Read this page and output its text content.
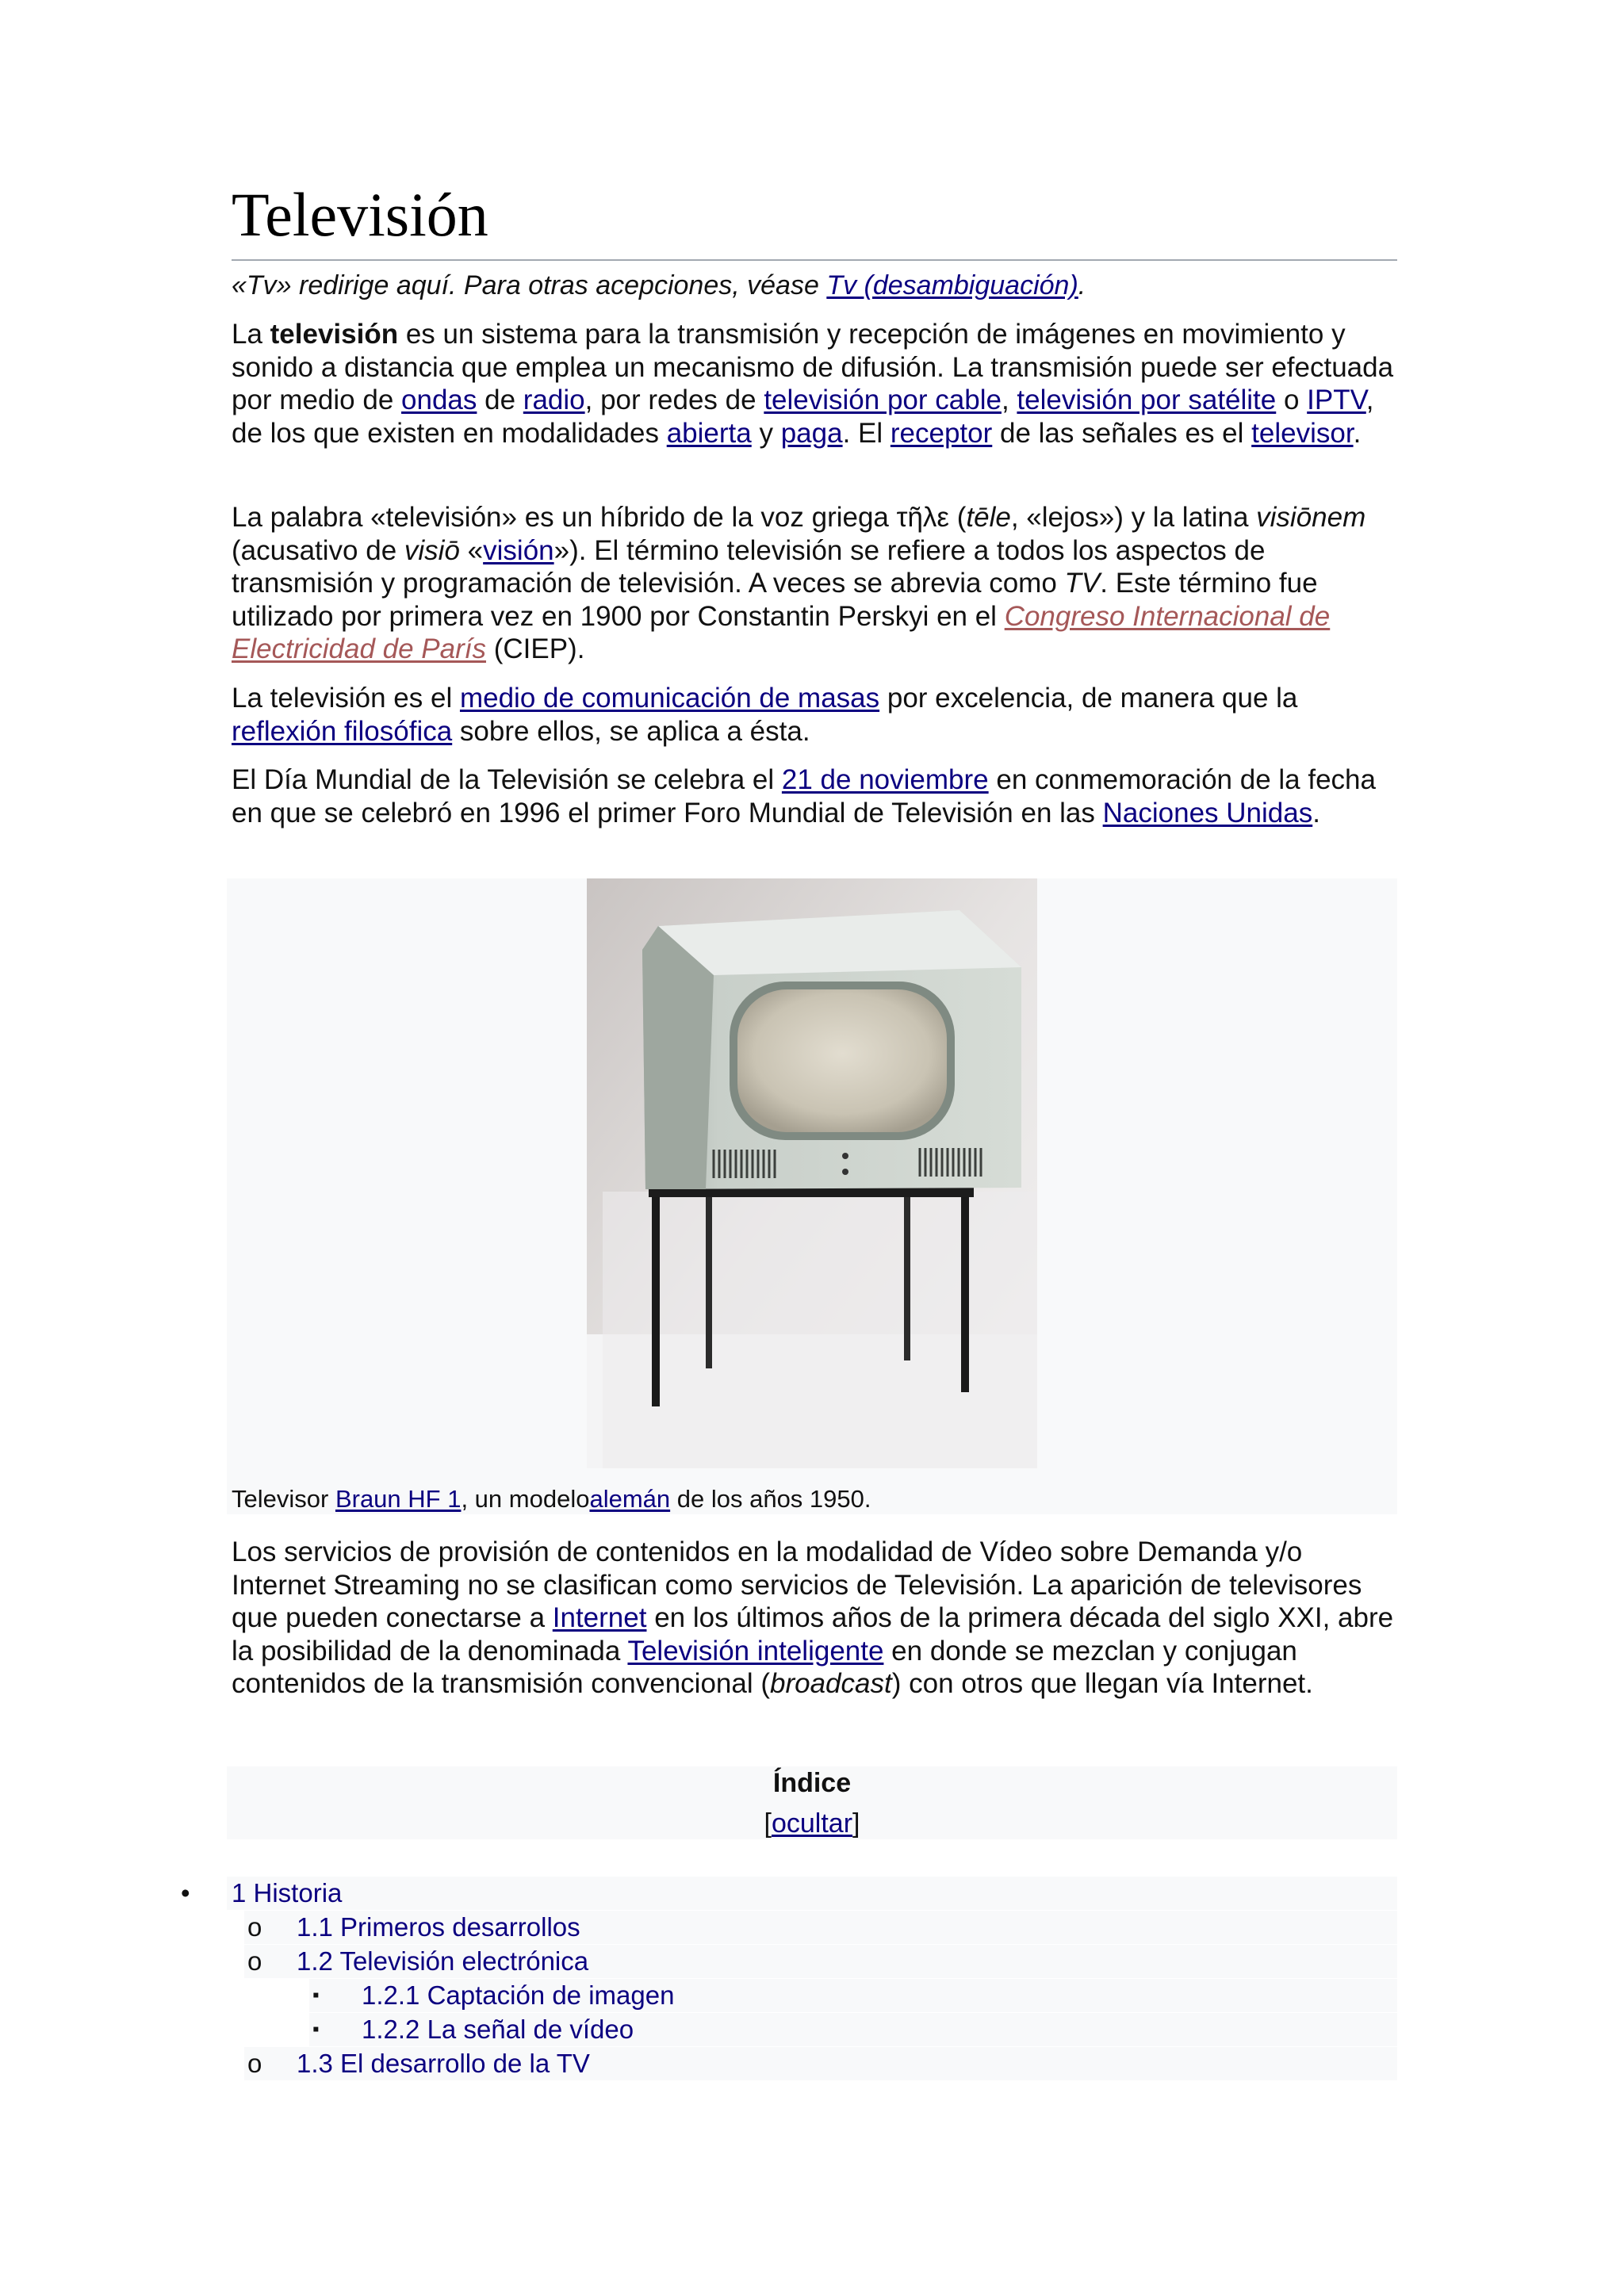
Televisión

«Tv» redirige aquí. Para otras acepciones, véase Tv (desambiguación).

La televisión es un sistema para la transmisión y recepción de imágenes en movimiento y sonido a distancia que emplea un mecanismo de difusión. La transmisión puede ser efectuada por medio de ondas de radio, por redes de televisión por cable, televisión por satélite o IPTV, de los que existen en modalidades abierta y paga. El receptor de las señales es el televisor.

La palabra «televisión» es un híbrido de la voz griega τῆλε (tēle, «lejos») y la latina visiōnem (acusativo de visiō «visión»). El término televisión se refiere a todos los aspectos de transmisión y programación de televisión. A veces se abrevia como TV. Este término fue utilizado por primera vez en 1900 por Constantin Perskyi en el Congreso Internacional de Electricidad de París (CIEP).

La televisión es el medio de comunicación de masas por excelencia, de manera que la reflexión filosófica sobre ellos, se aplica a ésta.

El Día Mundial de la Televisión se celebra el 21 de noviembre en conmemoración de la fecha en que se celebró en 1996 el primer Foro Mundial de Televisión en las Naciones Unidas.

Televisor Braun HF 1, un modeloalemán de los años 1950.

Los servicios de provisión de contenidos en la modalidad de Vídeo sobre Demanda y/o Internet Streaming no se clasifican como servicios de Televisión. La aparición de televisores que pueden conectarse a Internet en los últimos años de la primera década del siglo XXI, abre la posibilidad de la denominada Televisión inteligente en donde se mezclan y conjugan contenidos de la transmisión convencional (broadcast) con otros que llegan vía Internet.

Índice

[ocultar]

• 1 Historia
o 1.1 Primeros desarrollos
o 1.2 Televisión electrónica
▪ 1.2.1 Captación de imagen
▪ 1.2.2 La señal de vídeo
o 1.3 El desarrollo de la TV
